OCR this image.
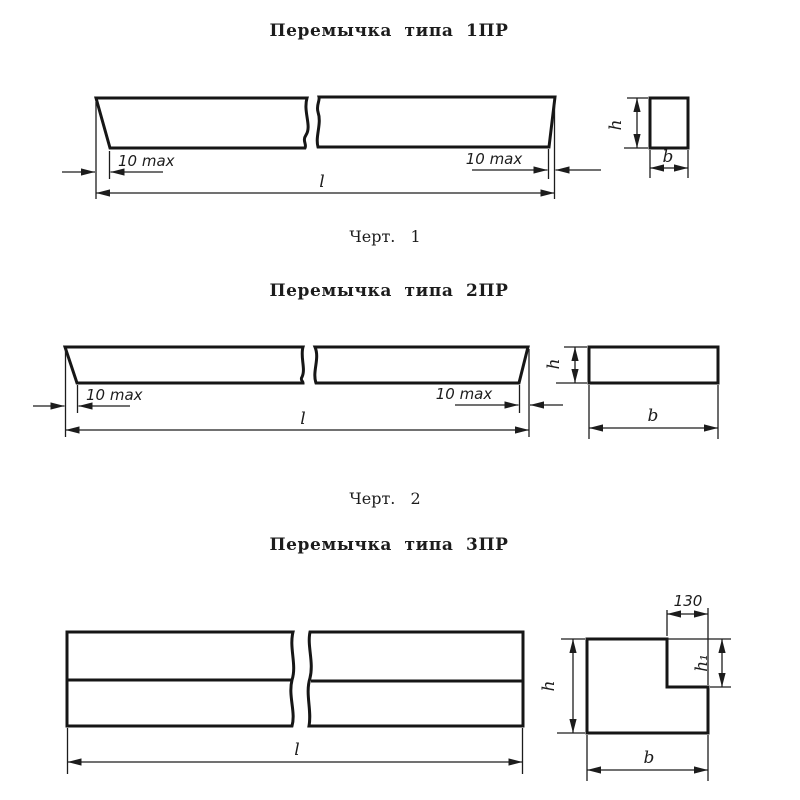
Перемычка типа 1ПР
Перемычка типа 2ПР
Перемычка типа 3ПР
Черт. 1
Черт. 2
10 max	10 max
l
h
b
10 max	10 max
l
h
b
l
130
h₁
h
b
